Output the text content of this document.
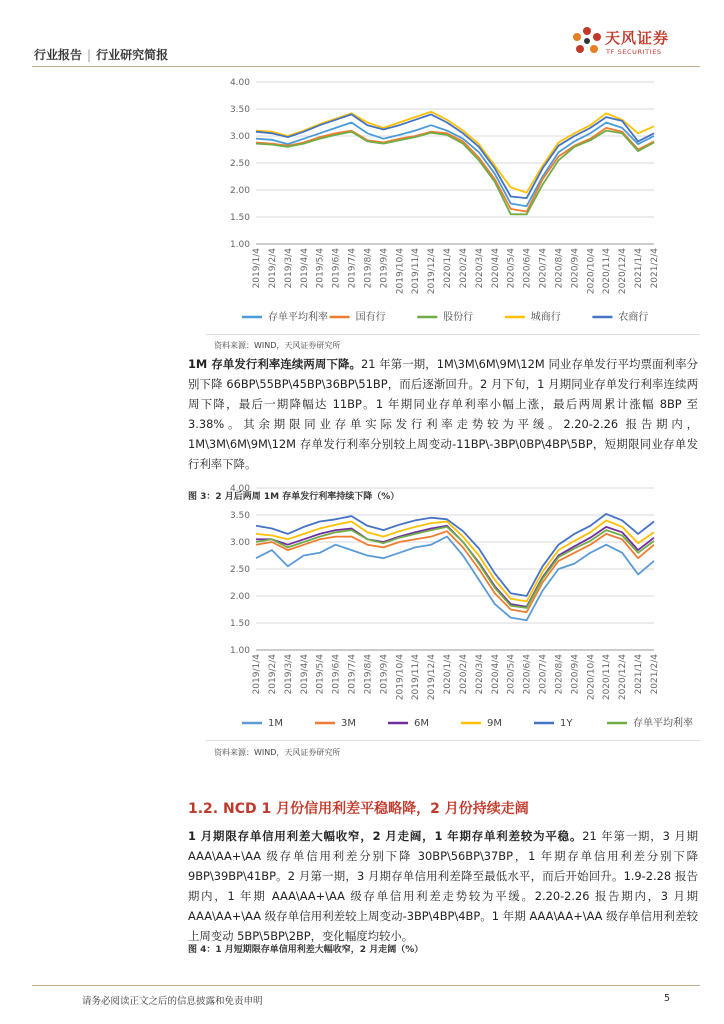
行业报告 | 行业研究简报
天风证券
TF SECURITIES
1.00
1.50
2.00
2.50
3.00
3.50
4.00
2019/1/4 2019/2/4 2019/3/4 2019/4/4 2019/5/4 2019/6/4 2019/7/4 2019/8/4 2019/9/4 2019/10/4 2019/11/4 2019/12/4 2020/1/4 2020/2/4 2020/3/4 2020/4/4 2020/5/4 2020/6/4 2020/7/4 2020/8/4 2020/9/4 2020/10/4 2020/11/4 2020/12/4 2021/1/4 2021/2/4
存单平均利率	国有行	股份行	城商行	农商行
资料来源：WIND，天风证券研究所
1M 存单发行利率连续两周下降。21 年第一期，1M\3M\6M\9M\12M 同业存单发行平均票面利率分别下降 66BP\55BP\45BP\36BP\51BP，而后逐渐回升。2 月下旬，1 月期同业存单发行利率连续两周下降，最后一期降幅达 11BP。1 年期同业存单利率小幅上涨，最后两周累计涨幅 8BP 至 3.38%。其余期限同业存单实际发行利率走势较为平缓。2.20-2.26 报告期内，1M\3M\6M\9M\12M 存单发行利率分别较上周变动-11BP\-3BP\0BP\4BP\5BP，短期限同业存单发行利率下降。
图 3：2 月后两周 1M 存单发行利率持续下降（%）
1.00
1.50
2.00
2.50
3.00
3.50
4.00
2019/1/4 2019/2/4 2019/3/4 2019/4/4 2019/5/4 2019/6/4 2019/7/4 2019/8/4 2019/9/4 2019/10/4 2019/11/4 2019/12/4 2020/1/4 2020/2/4 2020/3/4 2020/4/4 2020/5/4 2020/6/4 2020/7/4 2020/8/4 2020/9/4 2020/10/4 2020/11/4 2020/12/4 2021/1/4 2021/2/4
1M	3M	6M	9M	1Y	存单平均利率
资料来源：WIND，天风证券研究所
1.2. NCD 1 月份信用利差平稳略降，2 月份持续走阔
1 月期限存单信用利差大幅收窄，2 月走阔，1 年期存单利差较为平稳。21 年第一期，3 月期 AAA\AA+\AA 级存单信用利差分别下降 30BP\56BP\37BP，1 年期存单信用利差分别下降 9BP\39BP\41BP。2 月第一期，3 月期存单信用利差降至最低水平，而后开始回升。1.9-2.28 报告期内，1 年期 AAA\AA+\AA 级存单信用利差走势较为平缓。2.20-2.26 报告期内，3 月期 AAA\AA+\AA 级存单信用利差较上周变动-3BP\4BP\4BP。1 年期 AAA\AA+\AA 级存单信用利差较上周变动 5BP\5BP\2BP，变化幅度均较小。
图 4：1 月短期限存单信用利差大幅收窄，2 月走阔（%）
请务必阅读正文之后的信息披露和免责申明	5
